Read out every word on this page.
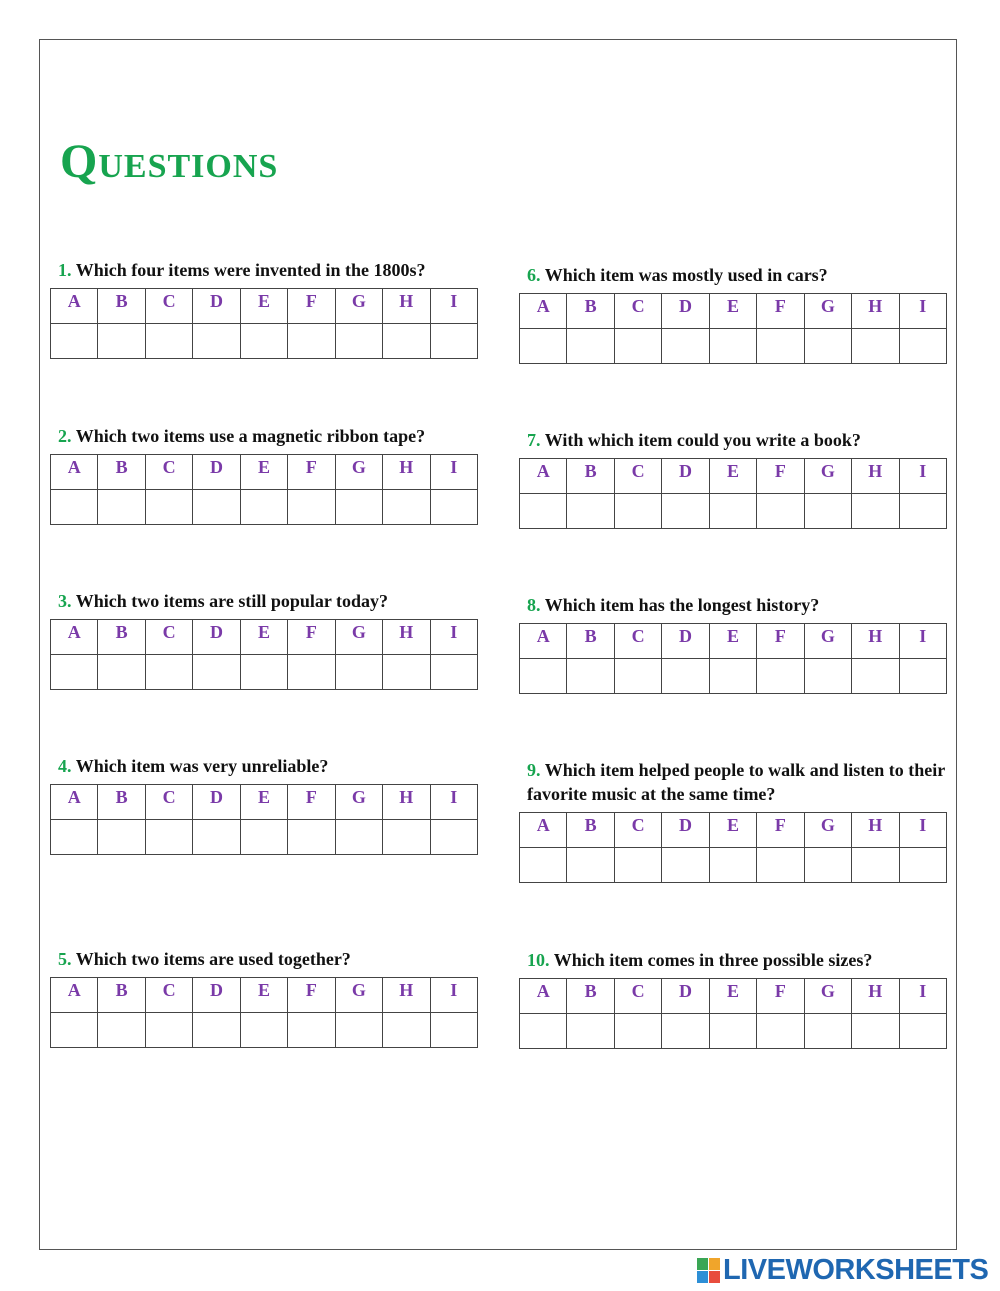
Questions

1. Which four items were invented in the 1800s?

A	B	C	D	E	F	G	H	I

2. Which two items use a magnetic ribbon tape?

A	B	C	D	E	F	G	H	I

3. Which two items are still popular today?

A	B	C	D	E	F	G	H	I

4. Which item was very unreliable?

A	B	C	D	E	F	G	H	I

5. Which two items are used together?

A	B	C	D	E	F	G	H	I

6. Which item was mostly used in cars?

A	B	C	D	E	F	G	H	I

7. With which item could you write a book?

A	B	C	D	E	F	G	H	I

8. Which item has the longest history?

A	B	C	D	E	F	G	H	I

9. Which item helped people to walk and listen to their favorite music at the same time?

A	B	C	D	E	F	G	H	I

10. Which item comes in three possible sizes?

A	B	C	D	E	F	G	H	I

LIVEWORKSHEETS
